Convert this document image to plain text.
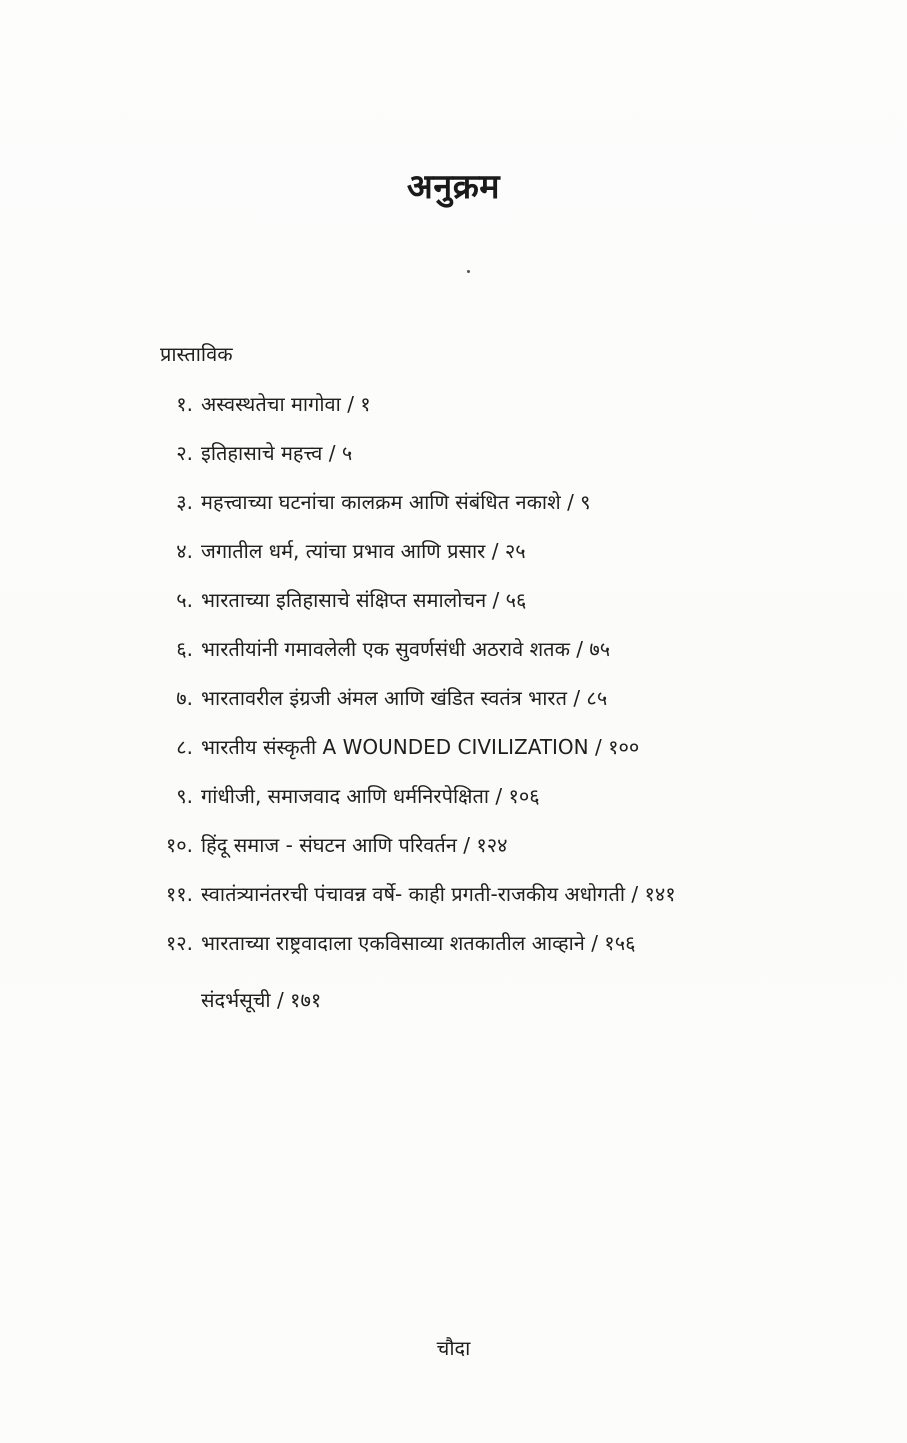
अनुक्रम
प्रास्ताविक
१. अस्वस्थतेचा मागोवा / १
२. इतिहासाचे महत्त्व / ५
३. महत्त्वाच्या घटनांचा कालक्रम आणि संबंधित नकाशे / ९
४. जगातील धर्म, त्यांचा प्रभाव आणि प्रसार / २५
५. भारताच्या इतिहासाचे संक्षिप्त समालोचन / ५६
६. भारतीयांनी गमावलेली एक सुवर्णसंधी अठरावे शतक / ७५
७. भारतावरील इंग्रजी अंमल आणि खंडित स्वतंत्र भारत / ८५
८. भारतीय संस्कृती A WOUNDED CIVILIZATION / १००
९. गांधीजी, समाजवाद आणि धर्मनिरपेक्षिता / १०६
१०. हिंदू समाज - संघटन आणि परिवर्तन / १२४
११. स्वातंत्र्यानंतरची पंचावन्न वर्षे- काही प्रगती-राजकीय अधोगती / १४१
१२. भारताच्या राष्ट्रवादाला एकविसाव्या शतकातील आव्हाने / १५६
संदर्भसूची / १७१
चौदा
